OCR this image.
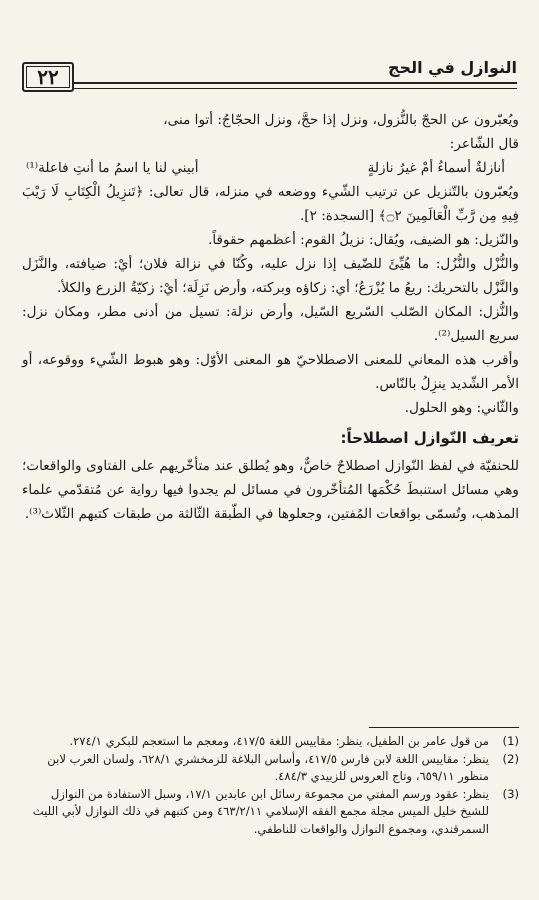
٢٢	النوازل في الحج

ويُعبّرون عن الحجّ بالنُّزول، ونزل إذا حجَّ، ونزل الحجّاجُ: أتوا منى،

قال الشّاعر:

أنازلةٌ أسماءُ أمْ غيرُ نازلةٍ
أبيني لنا يا اسمُ ما أنتِ فاعلة⁽¹⁾

ويُعبّرون بالتّنزيل عن ترتيب الشّيء ووضعه في منزله، قال تعالى: ﴿تَنزِيلُ الْكِتَابِ لَا رَيْبَ فِيهِ مِن رَّبِّ الْعَالَمِينَ ۝٢﴾ [السجدة: ٢].

والنّزيل: هو الضيف، ويُقال: نزيلُ القوم: أعظمهم حقوقاً.

والنُّزْل والنُّزُل: ما هُيِّئَ للضّيف إذا نزل عليه، وكُنّا في نزالة فلان؛ أيْ: ضيافته، والنَّزَل والنَّزْل بالتحريك: ريعُ ما يُزْرَعُ؛ أي: زكاؤه وبركته، وأرض نَزِلَة؛ أيْ: زكيّةُ الزرع والكلأ.

والنُّزل: المكان الصّلب السّريع السّيل، وأرض نزلة: تسيل من أدنى مطر، ومكان نزل: سريع السيل⁽²⁾.

وأقرب هذه المعاني للمعنى الاصطلاحيّ هو المعنى الأوّل: وهو هبوط الشّيء ووقوعه، أو الأمر الشّديد ينزِلُ بالنّاس.

والثّاني: وهو الحلول.

تعريف النّوازل اصطلاحاً:

للحنفيّة في لفظ النّوازل اصطلاحٌ خاصٌّ، وهو يُطلق عند متأخّريهم على الفتاوى والواقعات؛ وهي مسائل استنبطَ حُكْمَها المُتأخّرون في مسائل لم يجدوا فيها رواية عن مُتقدّمي علماء المذهب، وتُسمّى بواقعات المُفتين، وجعلوها في الطّبقة الثّالثة من طبقات كتبهم الثّلاث⁽³⁾.

(1)
من قول عامر بن الطفيل، ينظر: مقاييس اللغة ٤١٧/٥، ومعجم ما استعجم للبكري ٢٧٤/١.
(2)
ينظر: مقاييس اللغة لابن فارس ٤١٧/٥، وأساس البلاغة للزمخشري ٦٢٨/١، ولسان العرب لابن منظور ٦٥٩/١١، وتاج العروس للزبيدي ٤٨٤/٣.
(3)
ينظر: عقود ورسم المفتي من مجموعة رسائل ابن عابدين ١٧/١، وسبل الاستفادة من النوازل للشيخ خليل الميس مجلة مجمع الفقه الإسلامي ٤٦٣/٢/١١ ومن كتبهم في ذلك النوازل لأبي الليث السمرقندي، ومجموع النوازل والواقعات للناطفي.
